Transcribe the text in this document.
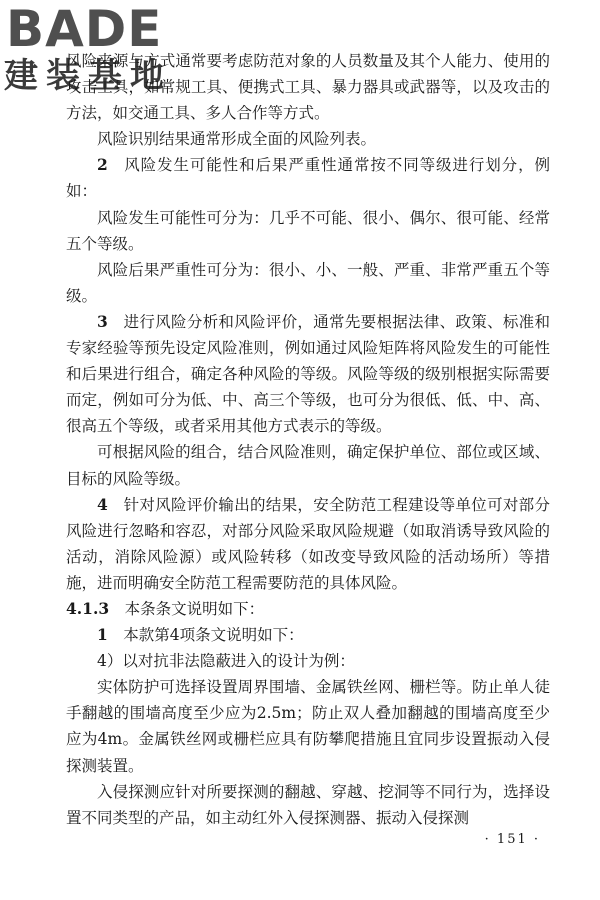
BADE
建装基地

风险来源与方式通常要考虑防范对象的人员数量及其个人能力、使用的攻击工具，如常规工具、便携式工具、暴力器具或武器等，以及攻击的方法，如交通工具、多人合作等方式。

风险识别结果通常形成全面的风险列表。

2  风险发生可能性和后果严重性通常按不同等级进行划分，例如：

风险发生可能性可分为：几乎不可能、很小、偶尔、很可能、经常五个等级。

风险后果严重性可分为：很小、小、一般、严重、非常严重五个等级。

3  进行风险分析和风险评价，通常先要根据法律、政策、标准和专家经验等预先设定风险准则，例如通过风险矩阵将风险发生的可能性和后果进行组合，确定各种风险的等级。风险等级的级别根据实际需要而定，例如可分为低、中、高三个等级，也可分为很低、低、中、高、很高五个等级，或者采用其他方式表示的等级。

可根据风险的组合，结合风险准则，确定保护单位、部位或区域、目标的风险等级。

4  针对风险评价输出的结果，安全防范工程建设等单位可对部分风险进行忽略和容忍，对部分风险采取风险规避（如取消诱导致风险的活动，消除风险源）或风险转移（如改变导致风险的活动场所）等措施，进而明确安全防范工程需要防范的具体风险。

4.1.3  本条条文说明如下：

1  本款第4项条文说明如下：

4）以对抗非法隐蔽进入的设计为例：

实体防护可选择设置周界围墙、金属铁丝网、栅栏等。防止单人徒手翻越的围墙高度至少应为2.5m；防止双人叠加翻越的围墙高度至少应为4m。金属铁丝网或栅栏应具有防攀爬措施且宜同步设置振动入侵探测装置。

入侵探测应针对所要探测的翻越、穿越、挖洞等不同行为，选择设置不同类型的产品，如主动红外入侵探测器、振动入侵探测

· 151 ·
